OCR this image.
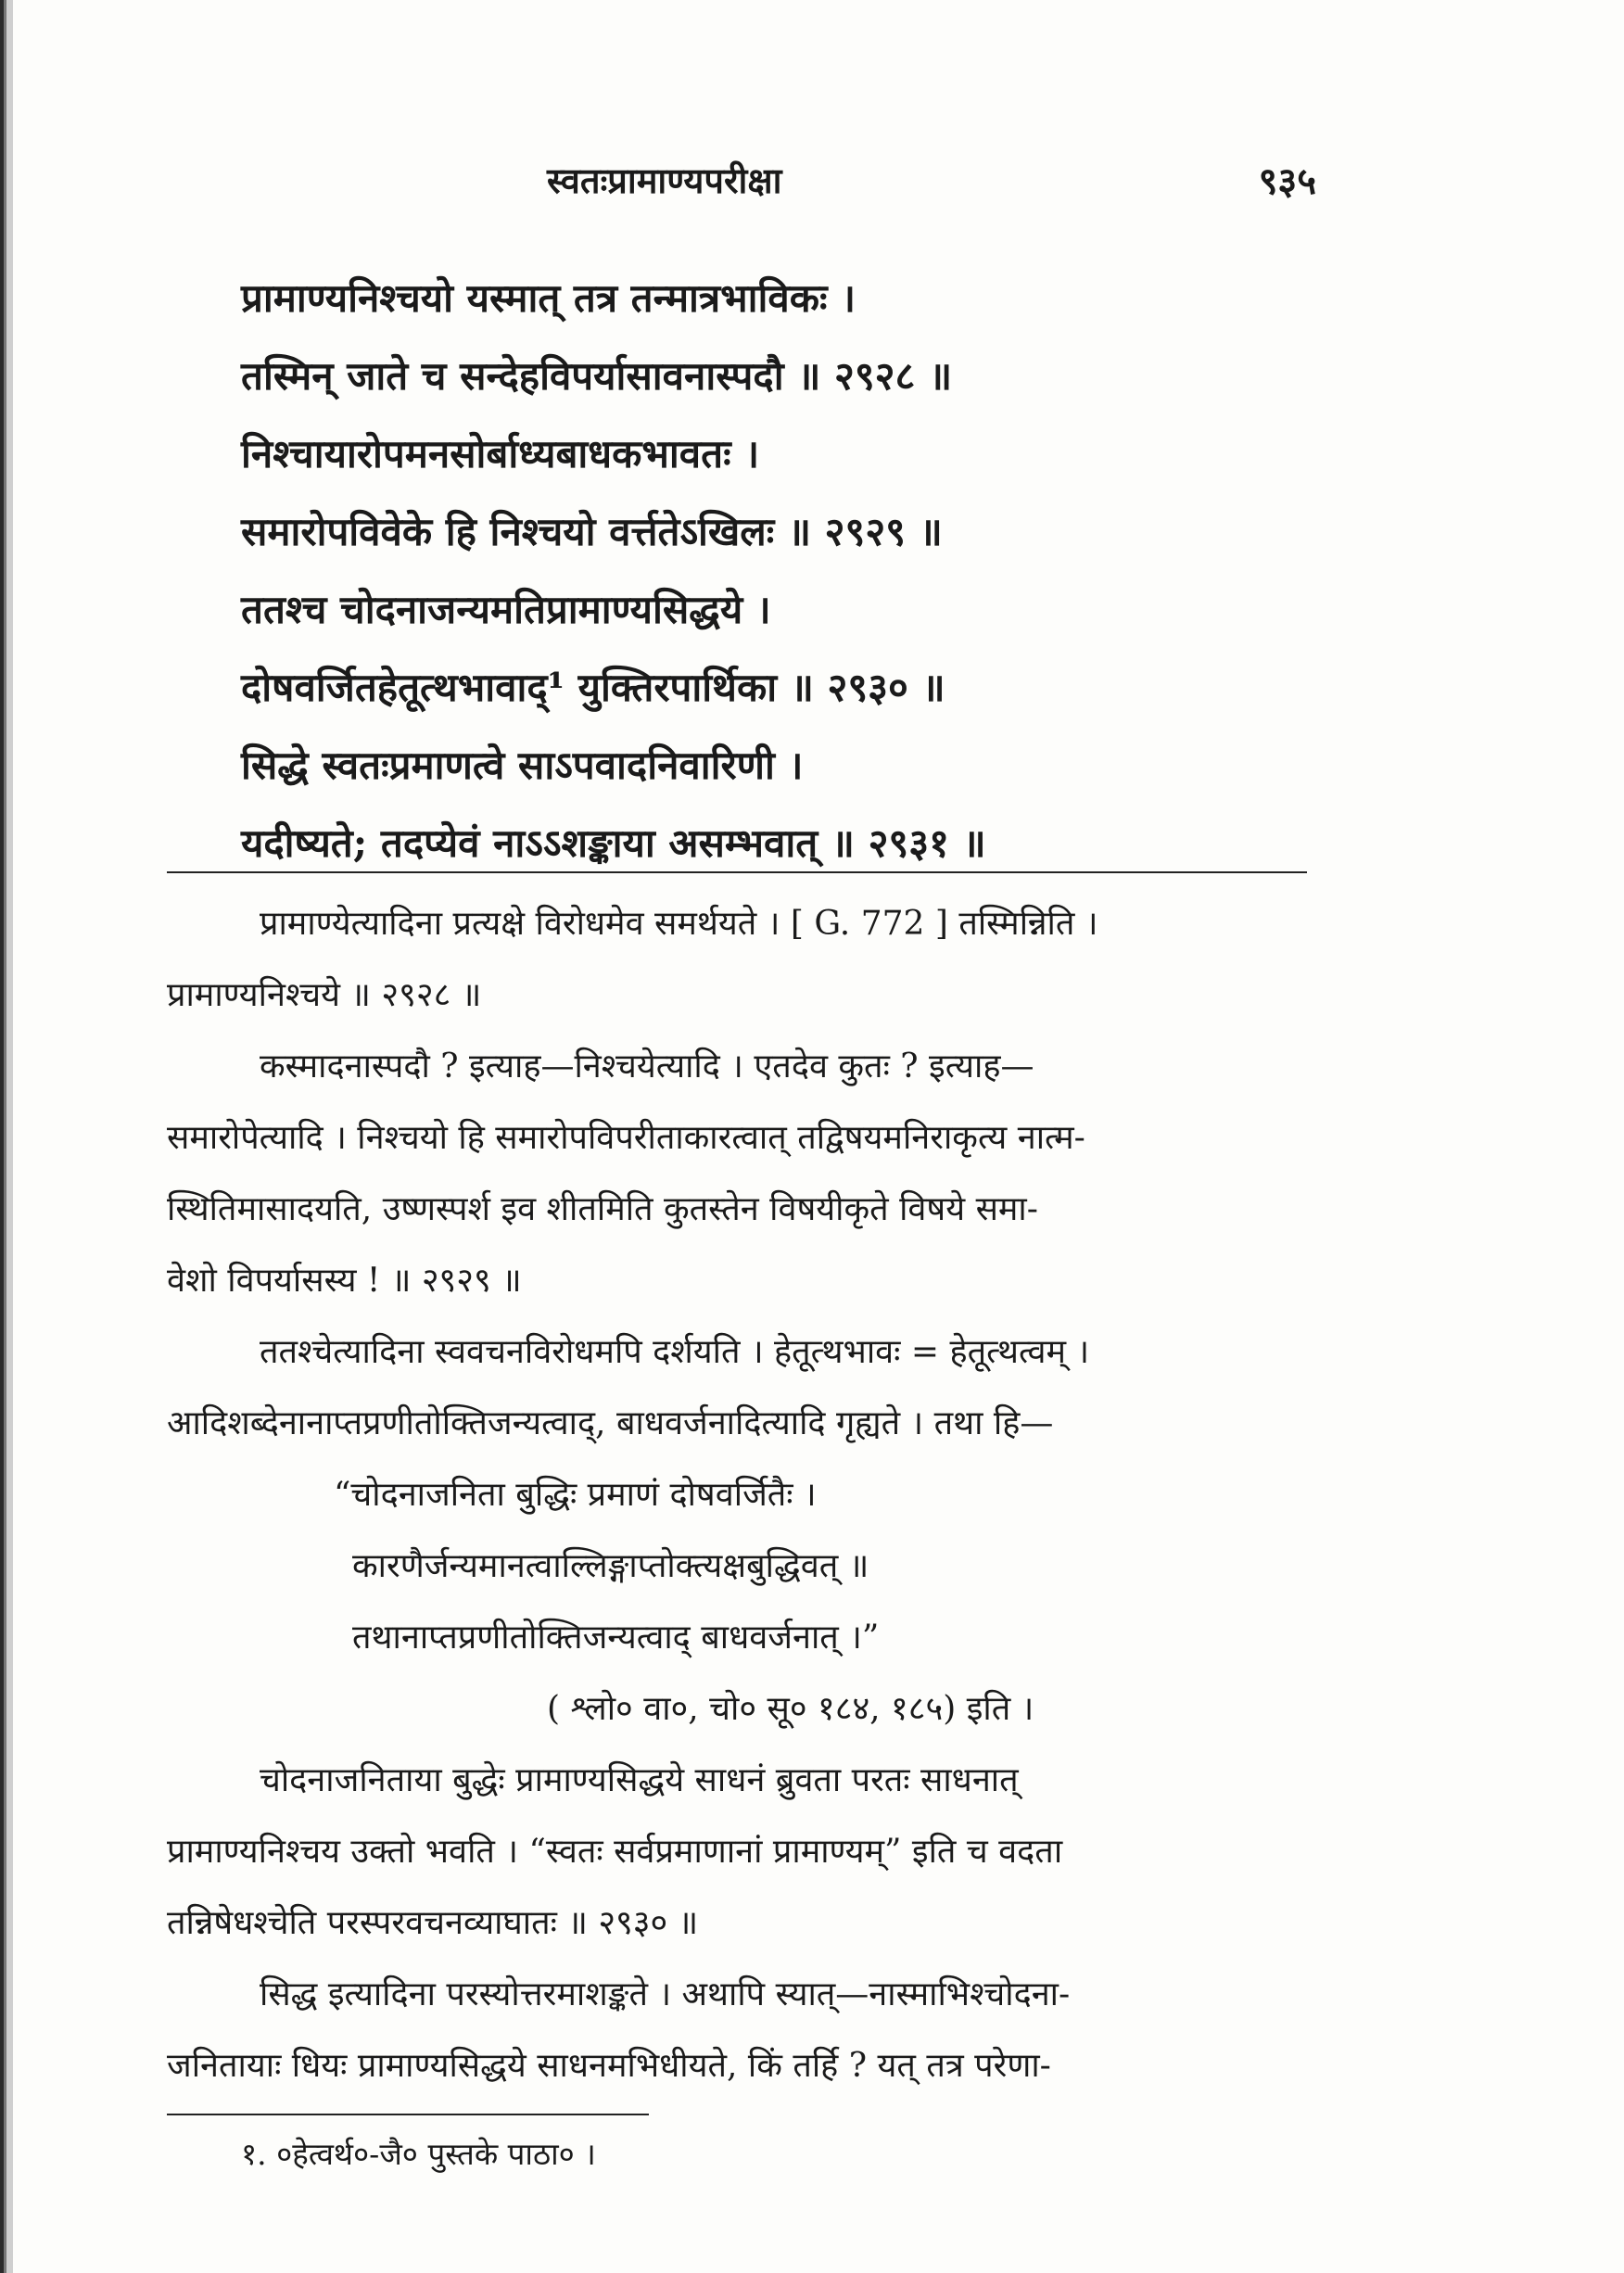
स्वतःप्रामाण्यपरीक्षा	९३५
प्रामाण्यनिश्चयो यस्मात् तत्र तन्मात्रभाविकः ।
तस्मिन् जाते च सन्देहविपर्यासावनास्पदौ ॥ २९२८ ॥
निश्चायारोपमनसोर्बाध्यबाधकभावतः ।
समारोपविवेके हि निश्चयो वर्त्ततेऽखिलः ॥ २९२९ ॥
ततश्च चोदनाजन्यमतिप्रामाण्यसिद्धये ।
दोषवर्जितहेतूत्थभावाद्¹ युक्तिरपार्थिका ॥ २९३० ॥
सिद्धे स्वतःप्रमाणत्वे साऽपवादनिवारिणी ।
यदीष्यते; तदप्येवं नाऽऽशङ्काया असम्भवात् ॥ २९३१ ॥
प्रामाण्येत्यादिना प्रत्यक्षे विरोधमेव समर्थयते । [ G. 772 ] तस्मिन्निति ।
प्रामाण्यनिश्चये ॥ २९२८ ॥
कस्मादनास्पदौ ? इत्याह—निश्चयेत्यादि । एतदेव कुतः ? इत्याह—
समारोपेत्यादि । निश्चयो हि समारोपविपरीताकारत्वात् तद्विषयमनिराकृत्य नात्म-
स्थितिमासादयति, उष्णस्पर्श इव शीतमिति कुतस्तेन विषयीकृते विषये समा-
वेशो विपर्यासस्य ! ॥ २९२९ ॥
ततश्चेत्यादिना स्ववचनविरोधमपि दर्शयति । हेतूत्थभावः = हेतूत्थत्वम् ।
आदिशब्देनानाप्तप्रणीतोक्तिजन्यत्वाद्, बाधवर्जनादित्यादि गृह्यते । तथा हि—
“चोदनाजनिता बुद्धिः प्रमाणं दोषवर्जितैः ।
कारणैर्जन्यमानत्वाल्लिङ्गाप्तोक्त्यक्षबुद्धिवत् ॥
तथानाप्तप्रणीतोक्तिजन्यत्वाद् बाधवर्जनात् ।”
( श्लो० वा०, चो० सू० १८४, १८५) इति ।
चोदनाजनिताया बुद्धेः प्रामाण्यसिद्धये साधनं ब्रुवता परतः साधनात्
प्रामाण्यनिश्चय उक्तो भवति । “स्वतः सर्वप्रमाणानां प्रामाण्यम्” इति च वदता
तन्निषेधश्चेति परस्परवचनव्याघातः ॥ २९३० ॥
सिद्ध इत्यादिना परस्योत्तरमाशङ्कते । अथापि स्यात्—नास्माभिश्चोदना-
जनितायाः धियः प्रामाण्यसिद्धये साधनमभिधीयते, किं तर्हि ? यत् तत्र परेणा-
१. ०हेत्वर्थ०-जै० पुस्तके पाठा० ।
